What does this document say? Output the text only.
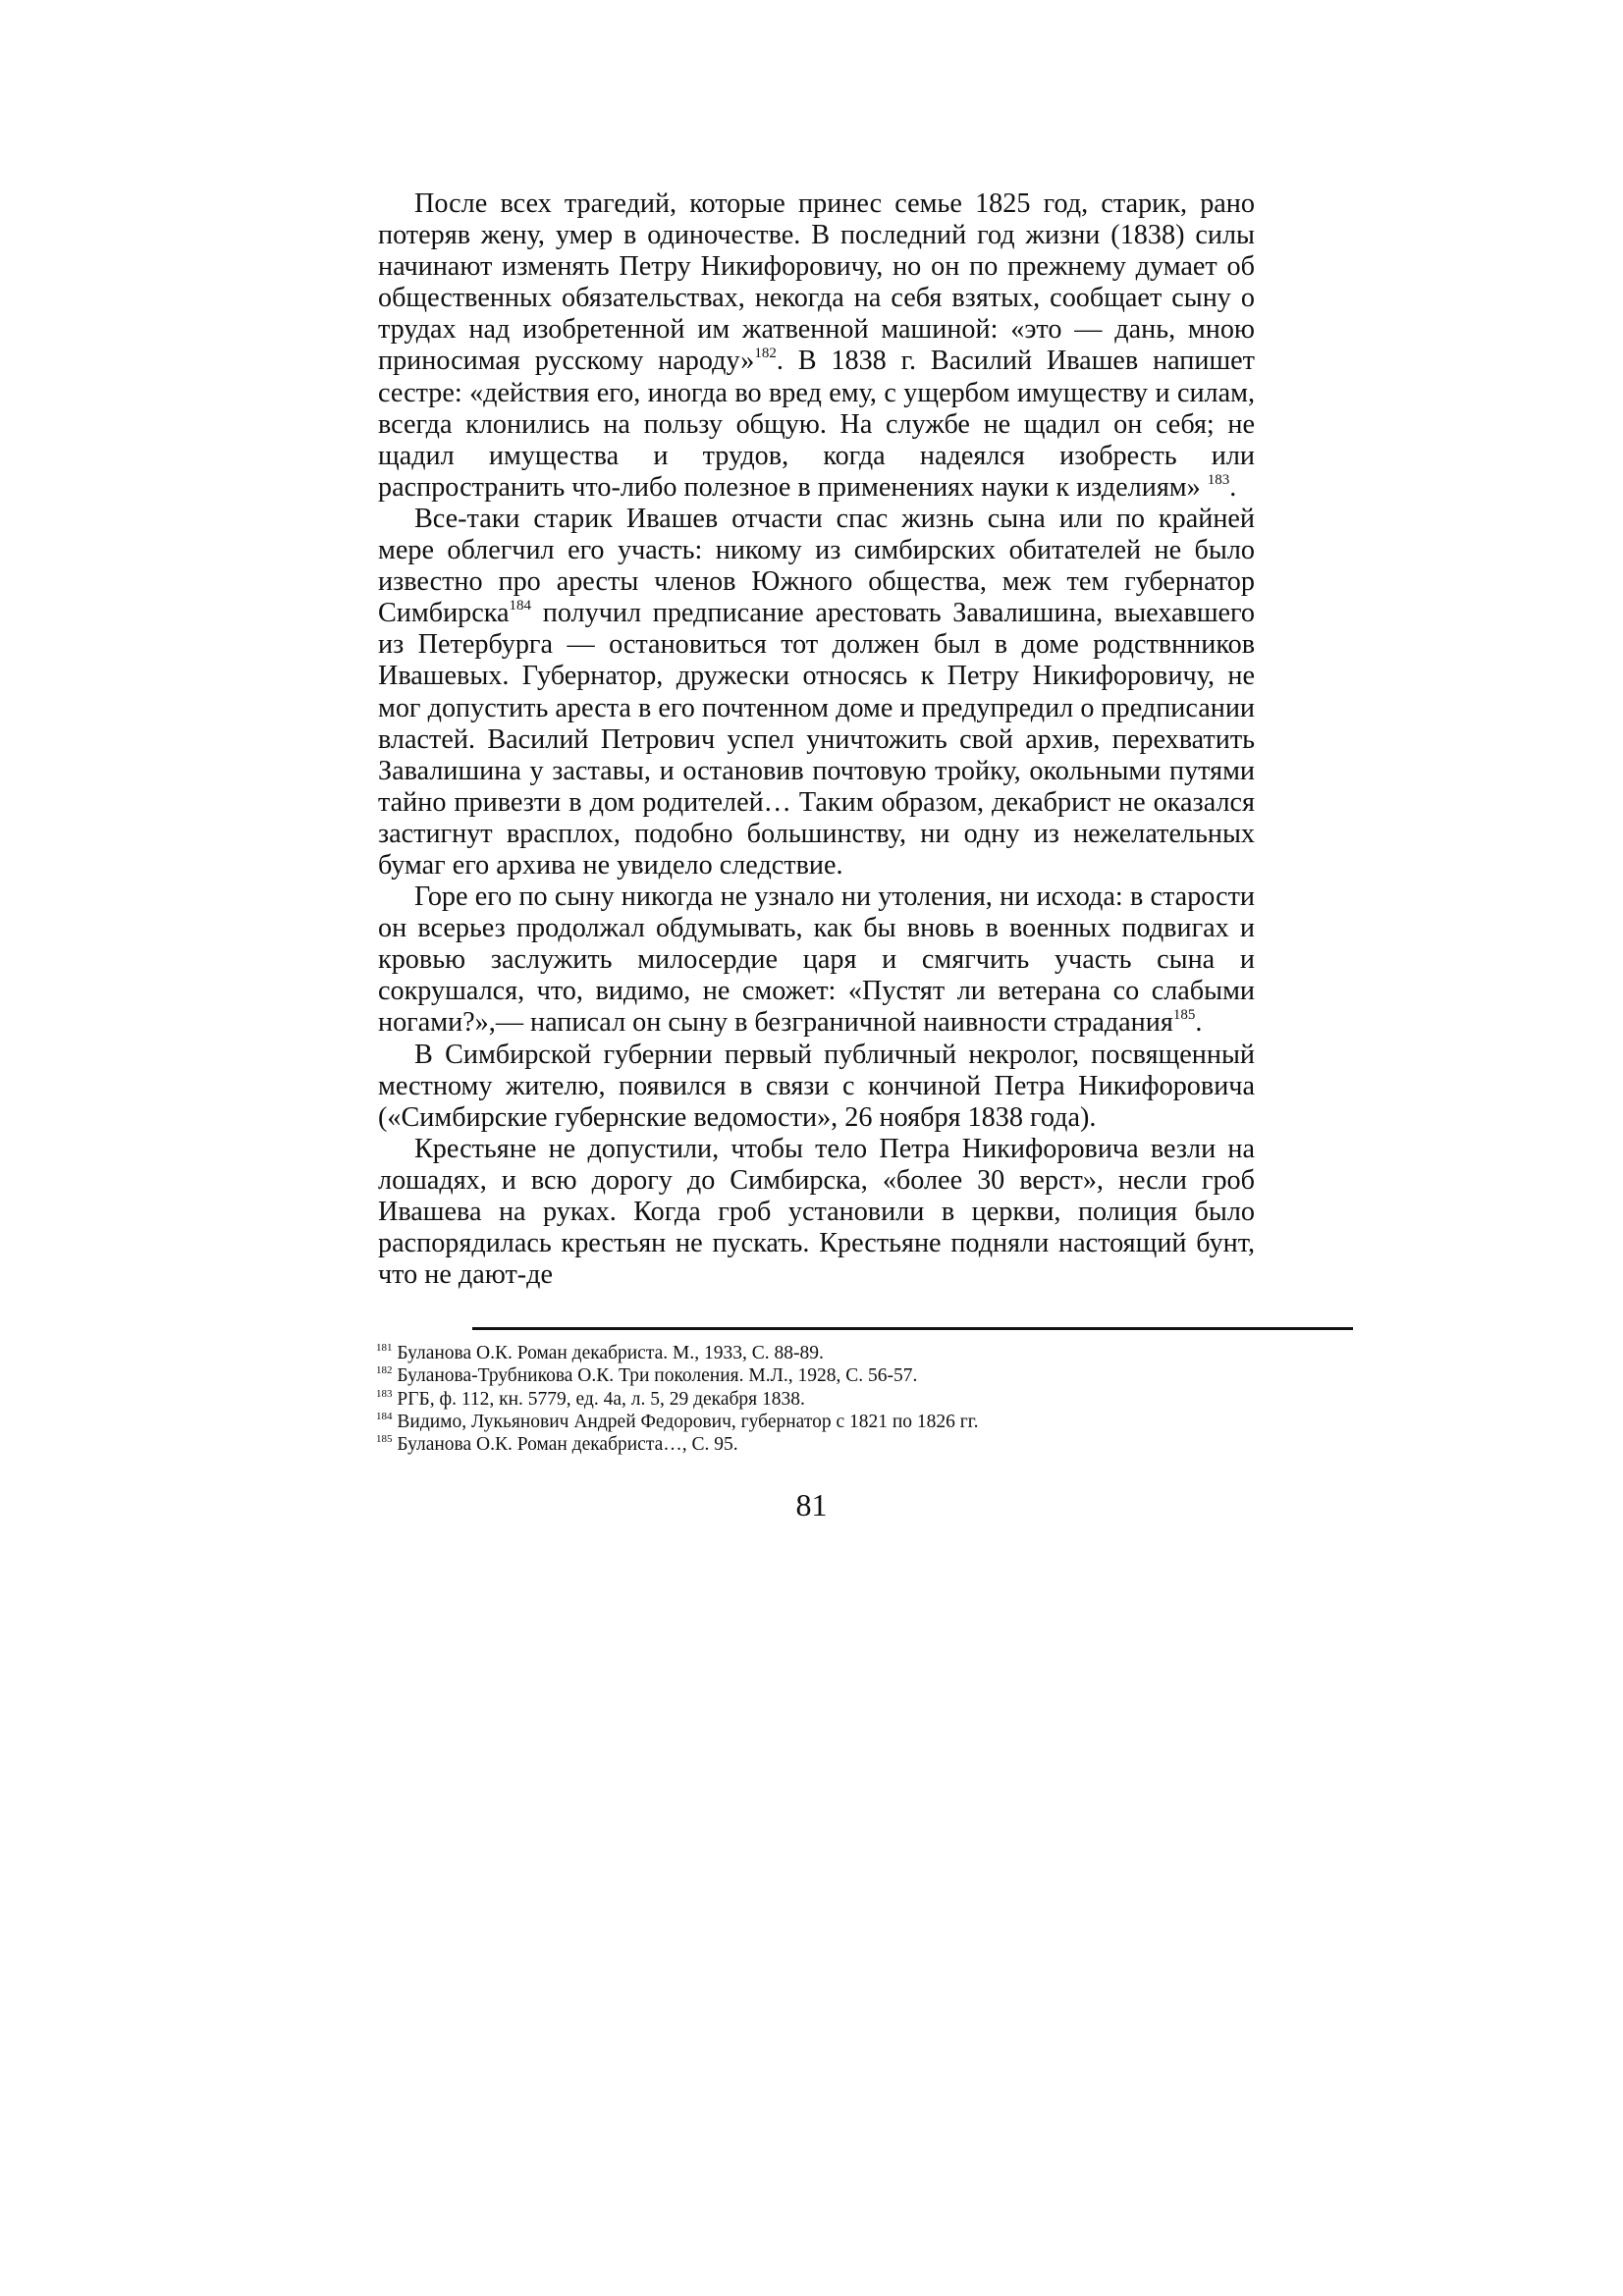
После всех трагедий, которые принес семье 1825 год, старик, рано потеряв жену, умер в одиночестве. В последний год жизни (1838) силы начинают изменять Петру Никифоровичу, но он по прежнему думает об общественных обязательствах, некогда на себя взятых, сообщает сыну о трудах над изобретенной им жатвенной машиной: «это — дань, мною приносимая русскому народу»$^{182}$. В 1838 г. Василий Ивашев напишет сестре: «действия его, иногда во вред ему, с ущербом имуществу и силам, всегда клонились на пользу общую. На службе не щадил он себя; не щадил имущества и трудов, когда надеялся изобресть или распространить что-либо полезное в применениях науки к изделиям» $^{183}$.

Все-таки старик Ивашев отчасти спас жизнь сына или по крайней мере облегчил его участь: никому из симбирских обитателей не было известно про аресты членов Южного общества, меж тем губернатор Симбирска$^{184}$ получил предписание арестовать Завалишина, выехавшего из Петербурга — остановиться тот должен был в доме родствнников Ивашевых. Губернатор, дружески относясь к Петру Никифоровичу, не мог допустить ареста в его почтенном доме и предупредил о предписании властей. Василий Петрович успел уничтожить свой архив, перехватить Завалишина у заставы, и остановив почтовую тройку, окольными путями тайно привезти в дом родителей… Таким образом, декабрист не оказался застигнут врасплох, подобно большинству, ни одну из нежелательных бумаг его архива не увидело следствие.

Горе его по сыну никогда не узнало ни утоления, ни исхода: в старости он всерьез продолжал обдумывать, как бы вновь в военных подвигах и кровью заслужить милосердие царя и смягчить участь сына и сокрушался, что, видимо, не сможет: «Пустят ли ветерана со слабыми ногами?»,— написал он сыну в безграничной наивности страдания$^{185}$.

В Симбирской губернии первый публичный некролог, посвященный местному жителю, появился в связи с кончиной Петра Никифоровича («Симбирские губернские ведомости», 26 ноября 1838 года).

Крестьяне не допустили, чтобы тело Петра Никифоровича везли на лошадях, и всю дорогу до Симбирска, «более 30 верст», несли гроб Ивашева на руках. Когда гроб установили в церкви, полиция было распорядилась крестьян не пускать. Крестьяне подняли настоящий бунт, что не дают-де

$^{181}$ Буланова О.К. Роман декабриста. М., 1933, С. 88-89.
$^{182}$ Буланова-Трубникова О.К. Три поколения. М.Л., 1928, С. 56-57.
$^{183}$ РГБ, ф. 112, кн. 5779, ед. 4а, л. 5, 29 декабря 1838.
$^{184}$ Видимо, Лукьянович Андрей Федорович, губернатор с 1821 по 1826 гг.
$^{185}$ Буланова О.К. Роман декабриста…, С. 95.
81
